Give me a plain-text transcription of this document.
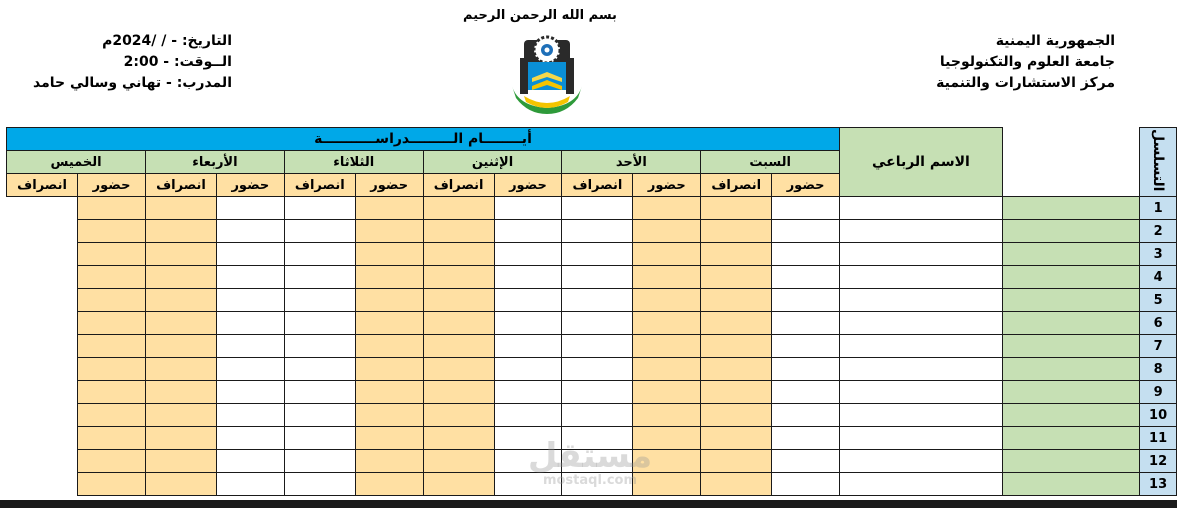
بسم الله الرحمن الرحيم
الجمهورية اليمنية
جامعة العلوم والتكنولوجيا
مركز الاستشارات والتنمية
التاريخ: - / /2024م
الــوقت: - 2:00
المدرب: - تهاني وسالي حامد
التسلسل		الاسم الرباعي	أيــــــــام الـــــــــدراســـــــــــة											
			السبت		الأحد		الإثنين		الثلاثاء		الأربعاء		الخميس	
			حضور	انصراف	حضور	انصراف	حضور	انصراف	حضور	انصراف	حضور	انصراف	حضور	انصراف
1														
2														
3														
4														
5														
6														
7														
8														
9														
10														
11														
12														
13														
مستقل
mostaql.com
